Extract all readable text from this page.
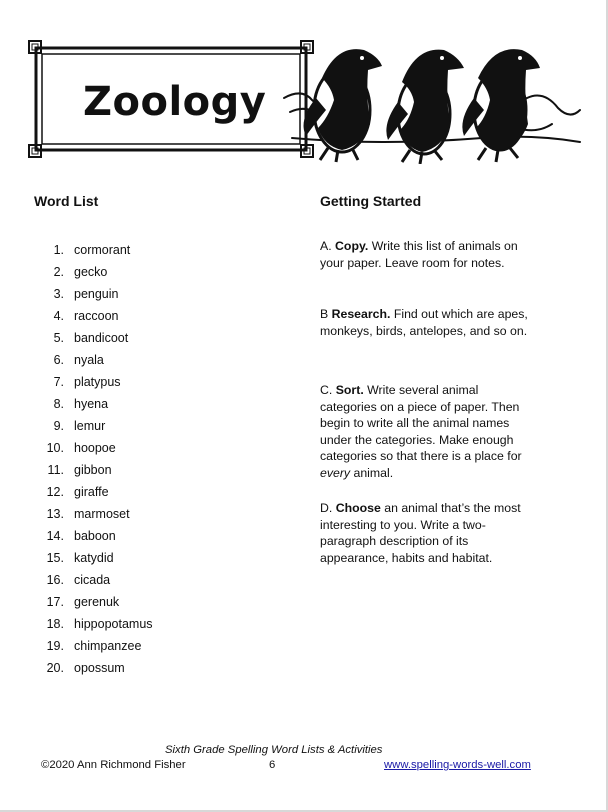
Zoology
Word List
1. cormorant
2. gecko
3. penguin
4. raccoon
5. bandicoot
6. nyala
7. platypus
8. hyena
9. lemur
10. hoopoe
11. gibbon
12. giraffe
13. marmoset
14. baboon
15. katydid
16. cicada
17. gerenuk
18. hippopotamus
19. chimpanzee
20. opossum
Getting Started

A. Copy. Write this list of animals on your paper. Leave room for notes.

B Research. Find out which are apes, monkeys, birds, antelopes, and so on.

C. Sort. Write several animal categories on a piece of paper. Then begin to write all the animal names under the categories. Make enough categories so that there is a place for every animal.

D. Choose an animal that’s the most interesting to you. Write a two-paragraph description of its appearance, habits and habitat.

Sixth Grade Spelling Word Lists & Activities
©2020 Ann Richmond Fisher	6	www.spelling-words-well.com
